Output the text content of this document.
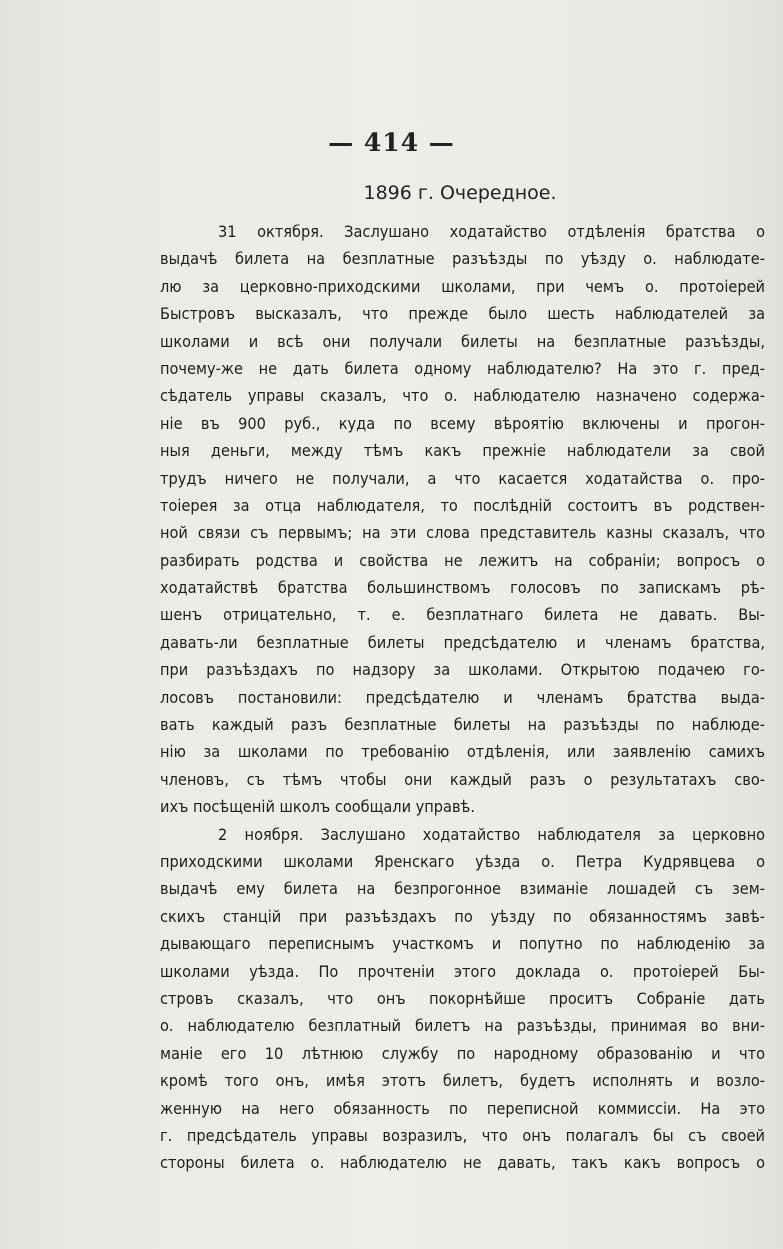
— 414 —
1896 г. Очередное.
31 октября. Заслушано ходатайство отдѣленія братства о
выдачѣ билета на безплатные разъѣзды по уѣзду о. наблюдате-
лю за церковно-приходскими школами, при чемъ о. протоіерей
Быстровъ высказалъ, что прежде было шесть наблюдателей за
школами и всѣ они получали билеты на безплатные разъѣзды,
почему-же не дать билета одному наблюдателю? На это г. пред-
сѣдатель управы сказалъ, что о. наблюдателю назначено содержа-
ніе въ 900 руб., куда по всему вѣроятію включены и прогон-
ныя деньги, между тѣмъ какъ прежніе наблюдатели за свой
трудъ ничего не получали, а что касается ходатайства о. про-
тоіерея за отца наблюдателя, то послѣдній состоитъ въ родствен-
ной связи съ первымъ; на эти слова представитель казны сказалъ, что
разбирать родства и свойства не лежитъ на собраніи; вопросъ о
ходатайствѣ братства большинствомъ голосовъ по запискамъ рѣ-
шенъ отрицательно, т. е. безплатнаго билета не давать. Вы-
давать-ли безплатные билеты предсѣдателю и членамъ братства,
при разъѣздахъ по надзору за школами. Открытою подачею го-
лосовъ постановили: предсѣдателю и членамъ братства выда-
вать каждый разъ безплатные билеты на разъѣзды по наблюде-
нію за школами по требованію отдѣленія, или заявленію самихъ
членовъ, съ тѣмъ чтобы они каждый разъ о результатахъ сво-
ихъ посѣщеній школъ сообщали управѣ.
2 ноября. Заслушано ходатайство наблюдателя за церковно
приходскими школами Яренскаго уѣзда о. Петра Кудрявцева о
выдачѣ ему билета на безпрогонное взиманіе лошадей съ зем-
скихъ станцій при разъѣздахъ по уѣзду по обязанностямъ завѣ-
дывающаго переписнымъ участкомъ и попутно по наблюденію за
школами уѣзда. По прочтеніи этого доклада о. протоіерей Бы-
стровъ сказалъ, что онъ покорнѣйше проситъ Собраніе дать
о. наблюдателю безплатный билетъ на разъѣзды, принимая во вни-
маніе его 10 лѣтнюю службу по народному образованію и что
кромѣ того онъ, имѣя этотъ билетъ, будетъ исполнять и возло-
женную на него обязанность по переписной коммиссіи. На это
г. предсѣдатель управы возразилъ, что онъ полагалъ бы съ своей
стороны билета о. наблюдателю не давать, такъ какъ вопросъ о
